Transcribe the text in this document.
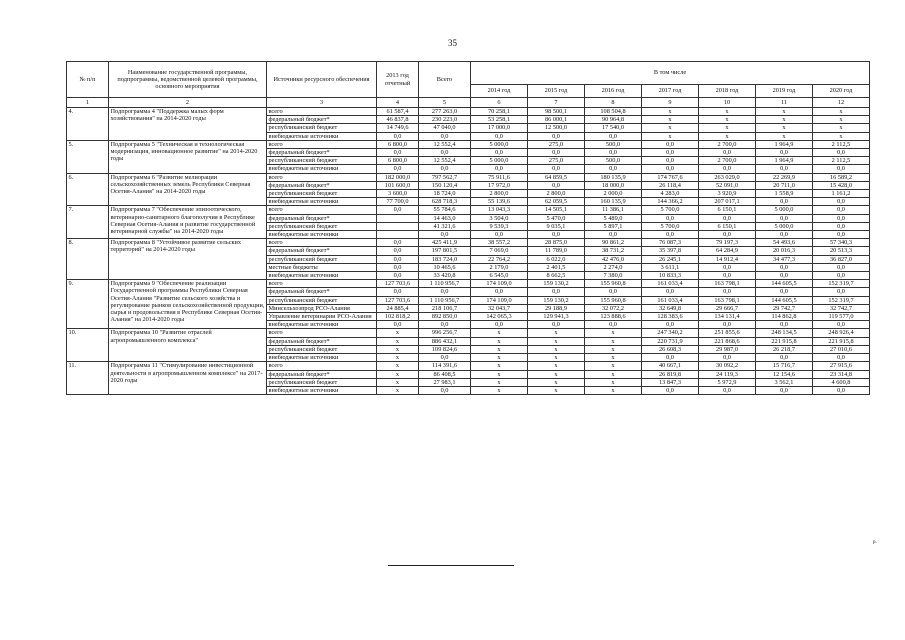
35
№ п/п	Наименование государственной программы, подпрограммы, ведомственной целевой программы, основного мероприятия	Источники ресурсного обеспечения	2013 год отчетный	Всего	В том числе						
					2014 год	2015 год	2016 год	2017 год	2018 год	2019 год	2020 год
1	2	3	4	5	6	7	8	9	10	11	12
4.	Подпрограмма 4 "Поддержка малых форм хозяйствования" на 2014-2020 годы	всего	61 587,4	277 263,0	70 258,1	98 500,1	108 504,8	х	х	х	х
		федеральный бюджет*	46 837,8	230 223,0	53 258,1	86 000,1	90 964,8	х	х	х	х
		республиканский бюджет	14 749,6	47 040,0	17 000,0	12 500,0	17 540,0	х	х	х	х
		внебюджетные источники	0,0	0,0	0,0	0,0	0,0	х	х	х	х
5.	Подпрограмма 5 "Техническая и технологическая модернизация, инновационное развитие" на 2014-2020 годы	всего	6 800,0	12 552,4	5 000,0	275,0	500,0	0,0	2 700,0	1 964,9	2 112,5
		федеральный бюджет*	0,0	0,0	0,0	0,0	0,0	0,0	0,0	0,0	0,0
		республиканский бюджет	6 800,0	12 552,4	5 000,0	275,0	500,0	0,0	2 700,0	1 964,9	2 112,5
		внебюджетные источники	0,0	0,0	0,0	0,0	0,0	0,0	0,0	0,0	0,0
6.	Подпрограмма 6 "Развитие мелиорации сельскохозяйственных земель Республики Северная Осетия-Алания" на 2014-2020 годы	всего	182 000,0	797 562,7	75 911,6	64 859,5	180 135,9	174 767,6	263 029,0	22 269,9	16 589,2
		федеральный бюджет*	101 600,0	150 120,4	17 972,0	0,0	18 000,0	26 118,4	52 091,0	20 711,0	15 428,0
		республиканский бюджет	3 600,0	18 724,0	2 800,0	2 800,0	2 000,0	4 283,0	3 920,9	1 558,9	1 161,2
		внебюджетные источники	77 700,0	628 718,3	55 139,6	62 059,5	160 135,9	144 366,2	207 017,1	0,0	0,0
7.	Подпрограмма 7 "Обеспечение эпизоотического, ветеринарно-санитарного благополучия в Республике Северная Осетия-Алания и развитие государственной ветеринарной службы" на 2014-2020 годы	всего	0,0	55 784,6	13 043,3	14 505,1	11 386,1	5 700,0	6 150,1	5 000,0	0,0
		федеральный бюджет*		14 463,0	3 504,0	5 470,0	5 489,0	0,0	0,0	0,0	0,0
		республиканский бюджет		41 321,6	9 539,3	9 035,1	5 897,1	5 700,0	6 150,1	5 000,0	0,0
		внебюджетные источники		0,0	0,0	0,0	0,0	0,0	0,0	0,0	0,0
8.	Подпрограмма 8 "Устойчивое развитие сельских территорий" на 2014-2020 годы	всего	0,0	425 411,9	38 557,2	28 875,0	90 861,2	76 087,3	79 197,3	54 493,6	57 340,3
		федеральный бюджет*	0,0	197 801,5	7 069,0	11 789,0	38 731,2	35 397,8	64 284,9	20 016,3	20 513,3
		республиканский бюджет	0,0	183 724,0	22 764,2	6 022,0	42 476,0	26 245,1	14 912,4	34 477,3	36 827,0
		местные бюджеты	0,0	10 465,6	2 179,0	2 401,5	2 274,0	3 611,1	0,0	0,0	0,0
		внебюджетные источники	0,0	33 420,8	6 545,0	8 662,5	7 380,0	10 833,3	0,0	0,0	0,0
9.	Подпрограмма 9 "Обеспечение реализации Государственной программы Республики Северная Осетия-Алания "Развитие сельского хозяйства и регулирование рынков сельскохозяйственной продукции, сырья и продовольствия в Республике Северная Осетия-Алания" на 2014-2020 годы	всего	127 703,6	1 110 956,7	174 109,0	159 130,2	155 960,8	161 033,4	163 798,1	144 605,5	152 319,7
		федеральный бюджет*	0,0	0,0	0,0	0,0	0,0	0,0	0,0	0,0	0,0
		республиканский бюджет	127 703,6	1 110 956,7	174 109,0	159 130,2	155 960,8	161 033,4	163 798,1	144 605,5	152 319,7
		Минсельхозпрод РСО-Алания	24 885,4	218 106,7	32 043,7	29 188,9	32 072,2	32 649,8	29 666,7	29 742,7	32 742,7
		Управление ветеринарии РСО-Алания	102 818,2	892 850,0	142 065,3	129 941,3	123 888,6	128 383,6	134 131,4	114 862,8	119 577,0
		внебюджетные источники	0,0	0,0	0,0	0,0	0,0	0,0	0,0	0,0	0,0
10.	Подпрограмма 10 "Развитие отраслей агропромышленного комплекса"	всего	х	996 256,7	х	х	х	247 340,2	251 855,6	248 134,5	248 926,4
		федеральный бюджет*	х	886 432,1	х	х	х	220 731,9	221 868,6	221 915,8	221 915,8
		республиканский бюджет	х	109 824,6	х	х	х	26 608,3	29 987,0	26 218,7	27 010,6
		внебюджетные источники	х	0,0	х	х	х	0,0	0,0	0,0	0,0
11.	Подпрограмма 11 "Стимулирование инвестиционной деятельности в агропромышленном комплексе" на 2017-2020 годы	всего	х	114 391,6	х	х	х	40 667,1	30 092,2	15 716,7	27 915,6
		федеральный бюджет*	х	86 408,5	х	х	х	26 819,8	24 119,3	12 154,6	23 314,8
		республиканский бюджет	х	27 983,1	х	х	х	13 847,3	5 972,9	3 562,1	4 600,8
		внебюджетные источники	х	0,0	х	х	х	0,0	0,0	0,0	0,0
р.
